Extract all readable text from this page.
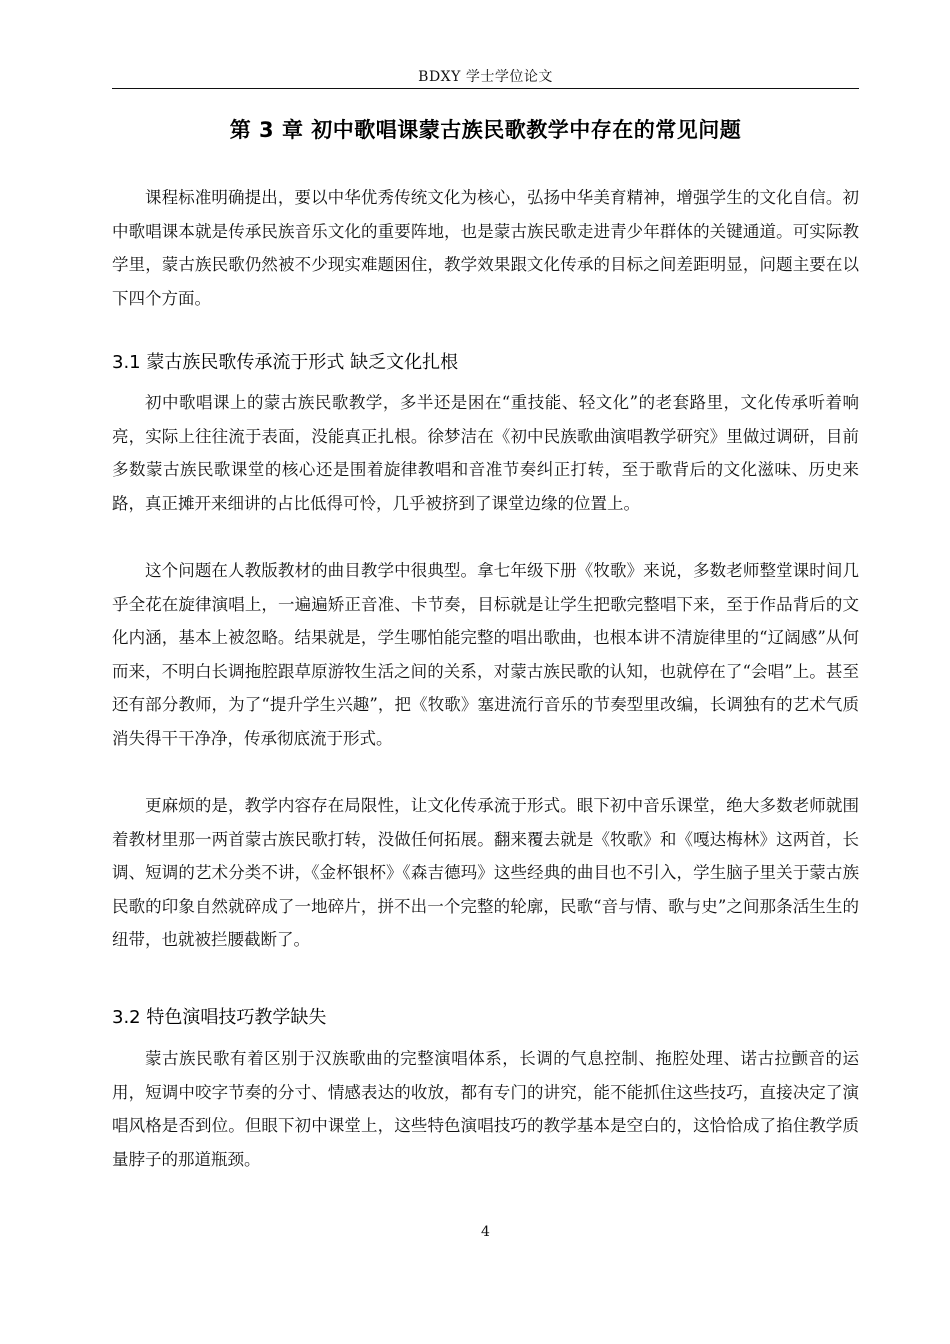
BDXY 学士学位论文
第 3 章 初中歌唱课蒙古族民歌教学中存在的常见问题

课程标准明确提出，要以中华优秀传统文化为核心，弘扬中华美育精神，增强学生的文化自信。初中歌唱课本就是传承民族音乐文化的重要阵地，也是蒙古族民歌走进青少年群体的关键通道。可实际教学里，蒙古族民歌仍然被不少现实难题困住，教学效果跟文化传承的目标之间差距明显，问题主要在以下四个方面。

3.1 蒙古族民歌传承流于形式 缺乏文化扎根

初中歌唱课上的蒙古族民歌教学，多半还是困在“重技能、轻文化”的老套路里，文化传承听着响亮，实际上往往流于表面，没能真正扎根。徐梦洁在《初中民族歌曲演唱教学研究》里做过调研，目前多数蒙古族民歌课堂的核心还是围着旋律教唱和音准节奏纠正打转，至于歌背后的文化滋味、历史来路，真正摊开来细讲的占比低得可怜，几乎被挤到了课堂边缘的位置上。

这个问题在人教版教材的曲目教学中很典型。拿七年级下册《牧歌》来说，多数老师整堂课时间几乎全花在旋律演唱上，一遍遍矫正音准、卡节奏，目标就是让学生把歌完整唱下来，至于作品背后的文化内涵，基本上被忽略。结果就是，学生哪怕能完整的唱出歌曲，也根本讲不清旋律里的“辽阔感”从何而来，不明白长调拖腔跟草原游牧生活之间的关系，对蒙古族民歌的认知，也就停在了“会唱”上。甚至还有部分教师，为了“提升学生兴趣”，把《牧歌》塞进流行音乐的节奏型里改编，长调独有的艺术气质消失得干干净净，传承彻底流于形式。

更麻烦的是，教学内容存在局限性，让文化传承流于形式。眼下初中音乐课堂，绝大多数老师就围着教材里那一两首蒙古族民歌打转，没做任何拓展。翻来覆去就是《牧歌》和《嘎达梅林》这两首，长调、短调的艺术分类不讲，《金杯银杯》《森吉德玛》这些经典的曲目也不引入，学生脑子里关于蒙古族民歌的印象自然就碎成了一地碎片，拼不出一个完整的轮廓，民歌“音与情、歌与史”之间那条活生生的纽带，也就被拦腰截断了。

3.2 特色演唱技巧教学缺失

蒙古族民歌有着区别于汉族歌曲的完整演唱体系，长调的气息控制、拖腔处理、诺古拉颤音的运用，短调中咬字节奏的分寸、情感表达的收放，都有专门的讲究，能不能抓住这些技巧，直接决定了演唱风格是否到位。但眼下初中课堂上，这些特色演唱技巧的教学基本是空白的，这恰恰成了掐住教学质量脖子的那道瓶颈。

4
